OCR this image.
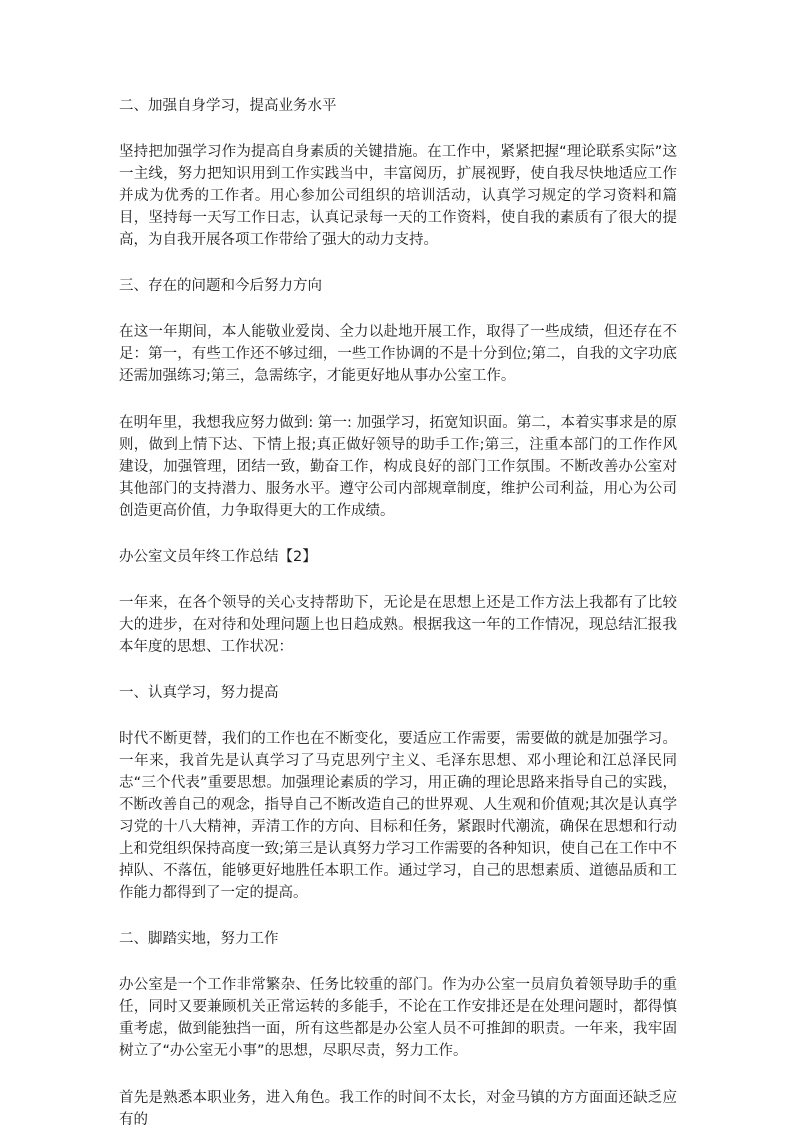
二、加强自身学习，提高业务水平

坚持把加强学习作为提高自身素质的关键措施。在工作中，紧紧把握“理论联系实际”这一主线，努力把知识用到工作实践当中，丰富阅历，扩展视野，使自我尽快地适应工作并成为优秀的工作者。用心参加公司组织的培训活动，认真学习规定的学习资料和篇目，坚持每一天写工作日志，认真记录每一天的工作资料，使自我的素质有了很大的提高，为自我开展各项工作带给了强大的动力支持。

三、存在的问题和今后努力方向

在这一年期间，本人能敬业爱岗、全力以赴地开展工作，取得了一些成绩，但还存在不足：第一，有些工作还不够过细，一些工作协调的不是十分到位;第二，自我的文字功底还需加强练习;第三，急需练字，才能更好地从事办公室工作。

在明年里，我想我应努力做到: 第一: 加强学习，拓宽知识面。第二，本着实事求是的原则，做到上情下达、下情上报;真正做好领导的助手工作;第三，注重本部门的工作作风建设，加强管理，团结一致，勤奋工作，构成良好的部门工作氛围。不断改善办公室对其他部门的支持潜力、服务水平。遵守公司内部规章制度，维护公司利益，用心为公司创造更高价值，力争取得更大的工作成绩。

办公室文员年终工作总结【2】

一年来，在各个领导的关心支持帮助下，无论是在思想上还是工作方法上我都有了比较大的进步，在对待和处理问题上也日趋成熟。根据我这一年的工作情况，现总结汇报我本年度的思想、工作状况：

一、认真学习，努力提高

时代不断更替，我们的工作也在不断变化，要适应工作需要，需要做的就是加强学习。一年来，我首先是认真学习了马克思列宁主义、毛泽东思想、邓小理论和江总泽民同志“三个代表”重要思想。加强理论素质的学习，用正确的理论思路来指导自己的实践，不断改善自己的观念，指导自己不断改造自己的世界观、人生观和价值观;其次是认真学习党的十八大精神，弄清工作的方向、目标和任务，紧跟时代潮流，确保在思想和行动上和党组织保持高度一致;第三是认真努力学习工作需要的各种知识，使自己在工作中不掉队、不落伍，能够更好地胜任本职工作。通过学习，自己的思想素质、道德品质和工作能力都得到了一定的提高。

二、脚踏实地，努力工作

办公室是一个工作非常繁杂、任务比较重的部门。作为办公室一员肩负着领导助手的重任，同时又要兼顾机关正常运转的多能手，不论在工作安排还是在处理问题时，都得慎重考虑，做到能独挡一面，所有这些都是办公室人员不可推卸的职责。一年来，我牢固树立了“办公室无小事”的思想，尽职尽责，努力工作。

首先是熟悉本职业务，进入角色。我工作的时间不太长，对金马镇的方方面面还缺乏应有的
